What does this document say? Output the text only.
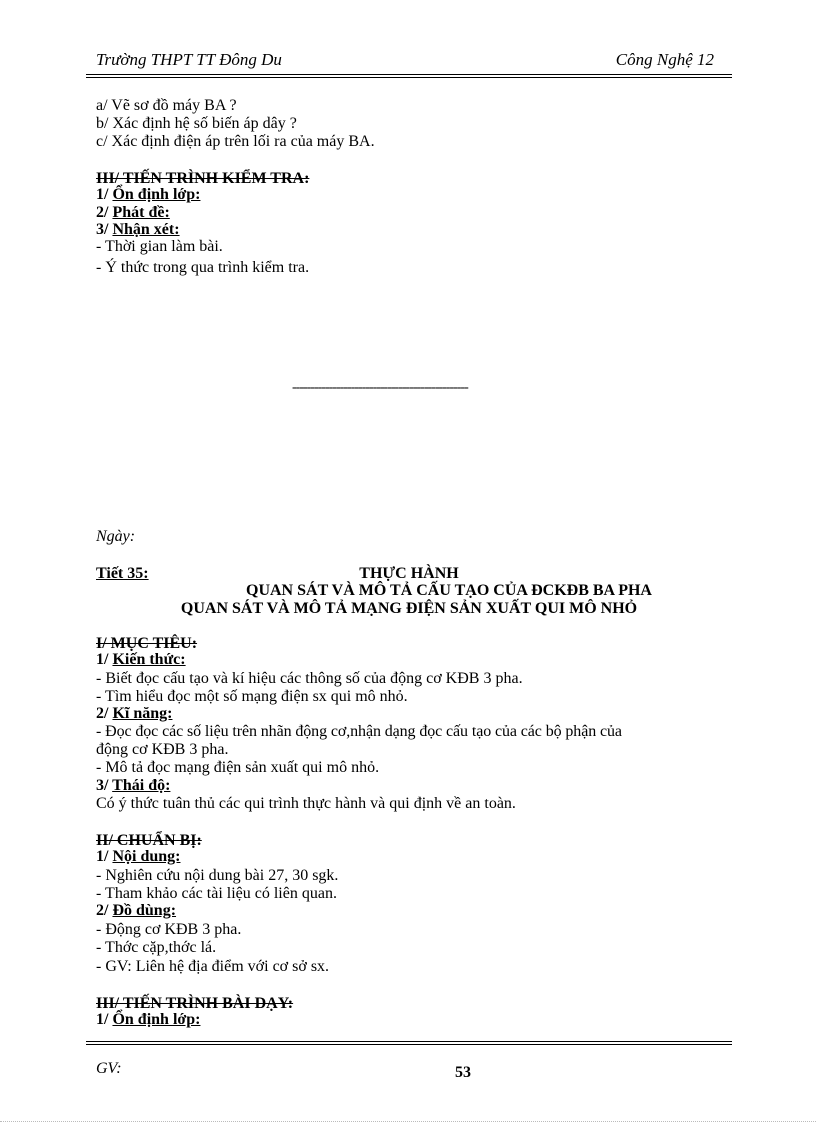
Trường THPT TT Đông Du	Công Nghệ 12
a/ Vẽ sơ đồ máy BA ?
b/ Xác định hệ số biến áp dây ?
c/ Xác định điện áp trên lối ra của máy BA.
III/ TIẾN TRÌNH KIỂM TRA:
1/ Ổn định lớp:
2/ Phát đề:
3/ Nhận xét:
- Thời gian làm bài.
- Ý thức trong qua trình kiểm tra.
------------------------------------------------
Ngày:
Tiết 35:	THỰC HÀNH
QUAN SÁT VÀ MÔ TẢ CẤU TẠO CỦA ĐCKĐB BA PHA
QUAN SÁT VÀ MÔ TẢ MẠNG ĐIỆN SẢN XUẤT QUI MÔ NHỎ
I/ MỤC TIÊU:
1/ Kiến thức:
- Biết đọc cấu tạo và kí hiệu các thông số của động cơ KĐB 3 pha.
- Tìm hiểu đọc một số mạng điện sx qui mô nhỏ.
2/ Kĩ năng:
- Đọc đọc các số liệu trên nhãn động cơ,nhận dạng đọc cấu tạo của các bộ phận của
động cơ KĐB 3 pha.
- Mô tả đọc mạng điện sản xuất qui mô nhỏ.
3/ Thái độ:
Có ý thức tuân thủ các qui trình thực hành và qui định về an toàn.
II/ CHUẨN BỊ:
1/ Nội dung:
- Nghiên cứu nội dung bài 27, 30 sgk.
- Tham khảo các tài liệu có liên quan.
2/ Đồ dùng:
- Động cơ KĐB 3 pha.
- Thớc cặp,thớc lá.
- GV: Liên hệ địa điểm với cơ sở sx.
III/ TIẾN TRÌNH BÀI DẠY:
1/ Ổn định lớp:
GV:	53
